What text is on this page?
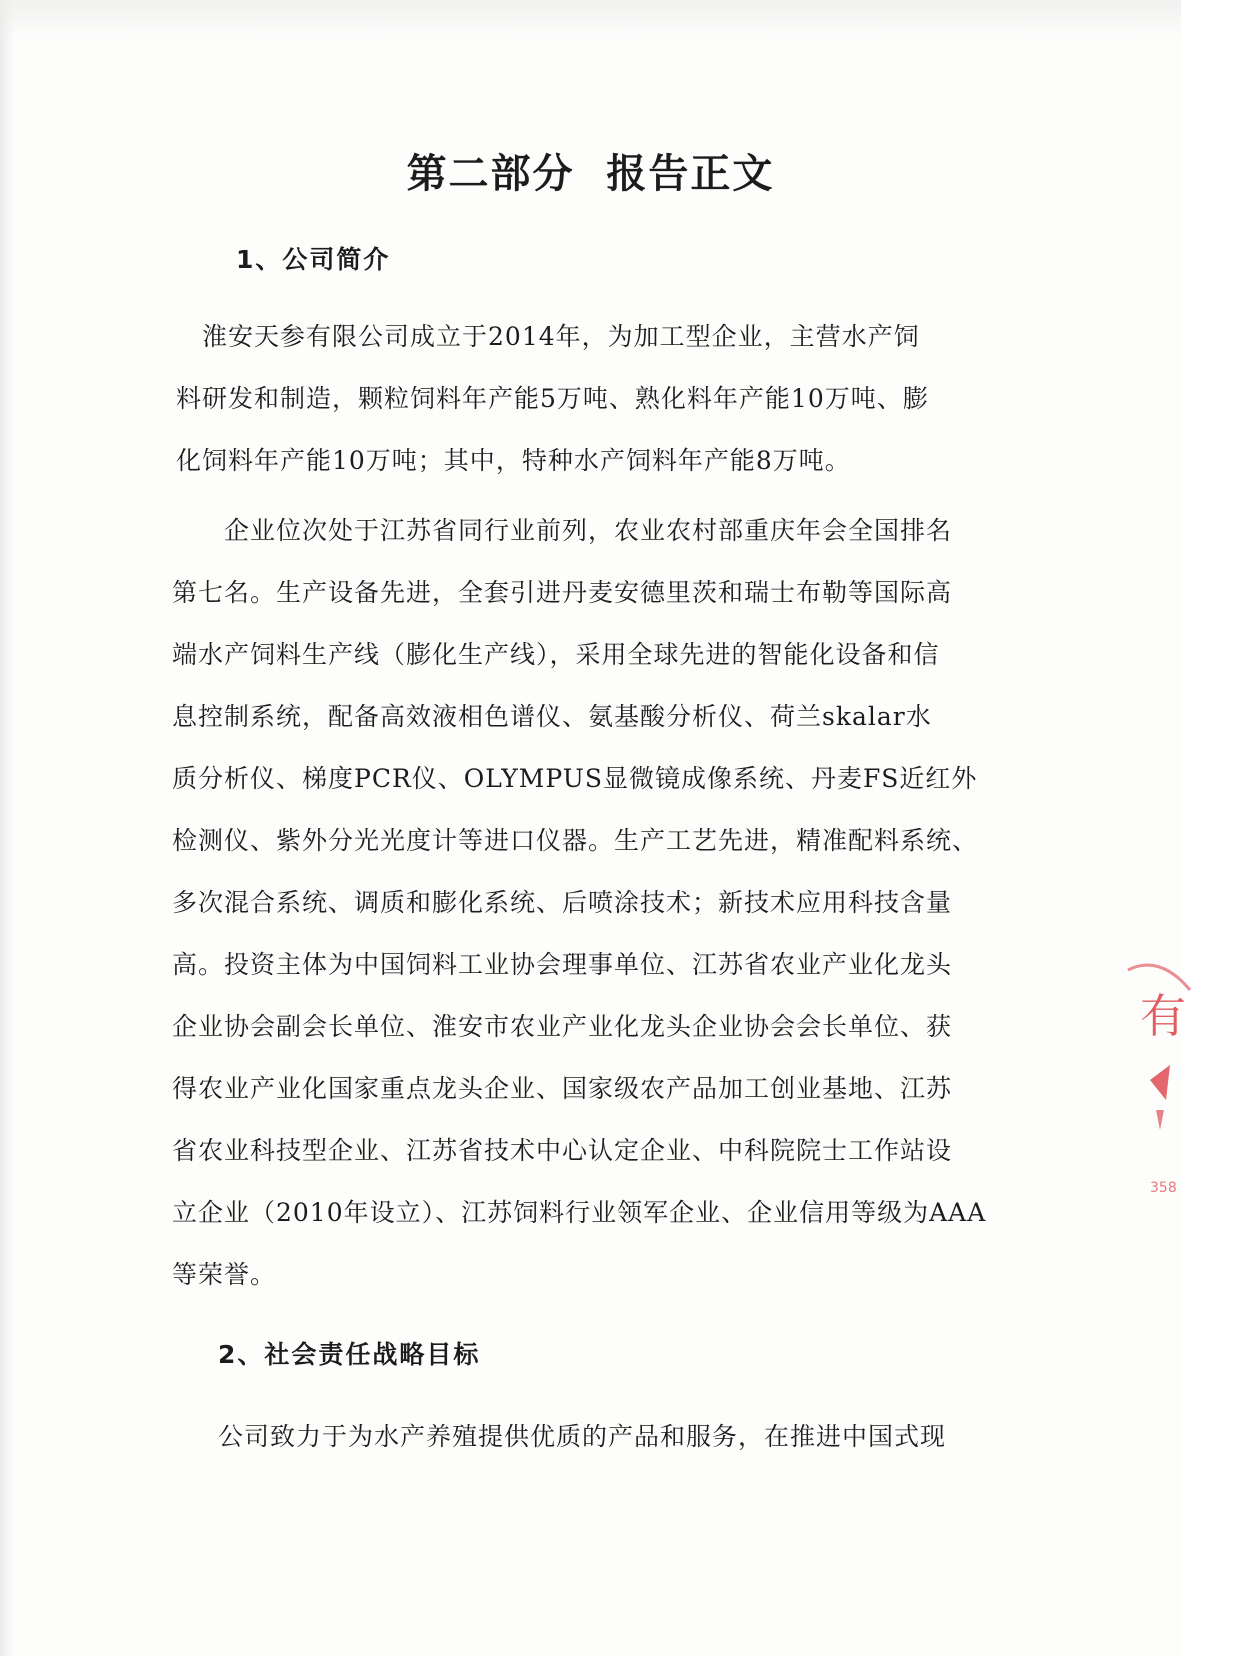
第二部分  报告正文
1、公司简介

　淮安天参有限公司成立于2014年，为加工型企业，主营水产饲
料研发和制造，颗粒饲料年产能5万吨、熟化料年产能10万吨、膨
化饲料年产能10万吨；其中，特种水产饲料年产能8万吨。

　　企业位次处于江苏省同行业前列，农业农村部重庆年会全国排名
第七名。生产设备先进，全套引进丹麦安德里茨和瑞士布勒等国际高
端水产饲料生产线（膨化生产线），采用全球先进的智能化设备和信
息控制系统，配备高效液相色谱仪、氨基酸分析仪、荷兰skalar水
质分析仪、梯度PCR仪、OLYMPUS显微镜成像系统、丹麦FS近红外
检测仪、紫外分光光度计等进口仪器。生产工艺先进，精准配料系统、
多次混合系统、调质和膨化系统、后喷涂技术；新技术应用科技含量
高。投资主体为中国饲料工业协会理事单位、江苏省农业产业化龙头
企业协会副会长单位、淮安市农业产业化龙头企业协会会长单位、获
得农业产业化国家重点龙头企业、国家级农产品加工创业基地、江苏
省农业科技型企业、江苏省技术中心认定企业、中科院院士工作站设
立企业（2010年设立）、江苏饲料行业领军企业、企业信用等级为AAA
等荣誉。

2、社会责任战略目标

公司致力于为水产养殖提供优质的产品和服务，在推进中国式现

有
358
